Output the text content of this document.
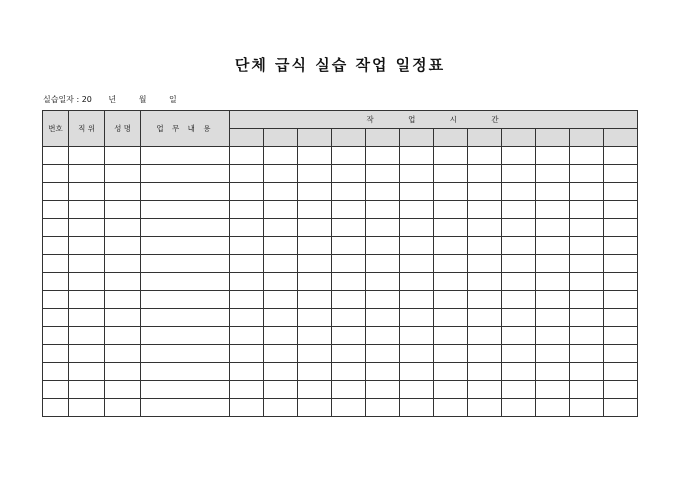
단체 급식 실습 작업 일정표
실습일자 : 20 년	월	일
번호	직 위	성 명	업 무 내 용	작 업 시 간											
